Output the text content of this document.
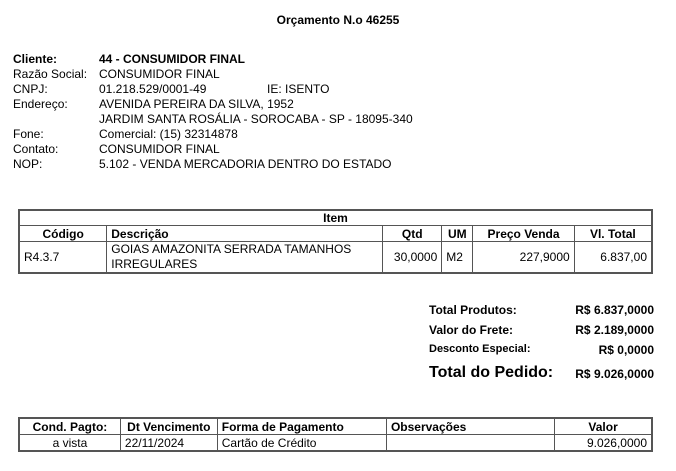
Orçamento N.o 46255
Cliente:	44 - CONSUMIDOR FINAL
Razão Social: CONSUMIDOR FINAL
CNPJ:	01.218.529/0001-49	IE: ISENTO
Endereço:	AVENIDA PEREIRA DA SILVA, 1952
JARDIM SANTA ROSÁLIA - SOROCABA - SP - 18095-340
Fone:	Comercial: (15) 32314878
Contato:	CONSUMIDOR FINAL
NOP:	5.102 - VENDA MERCADORIA DENTRO DO ESTADO
Item					
Código	Descrição	Qtd	UM	Preço Venda	Vl. Total
R4.3.7	GOIAS AMAZONITA SERRADA TAMANHOS IRREGULARES	30,0000	M2	227,9000	6.837,00
Total Produtos:	R$ 6.837,0000
Valor do Frete:	R$ 2.189,0000
Desconto Especial:	R$ 0,0000
Total do Pedido: R$ 9.026,0000
Cond. Pagto:	Dt Vencimento	Forma de Pagamento	Observações	Valor
a vista	22/11/2024	Cartão de Crédito		9.026,0000
